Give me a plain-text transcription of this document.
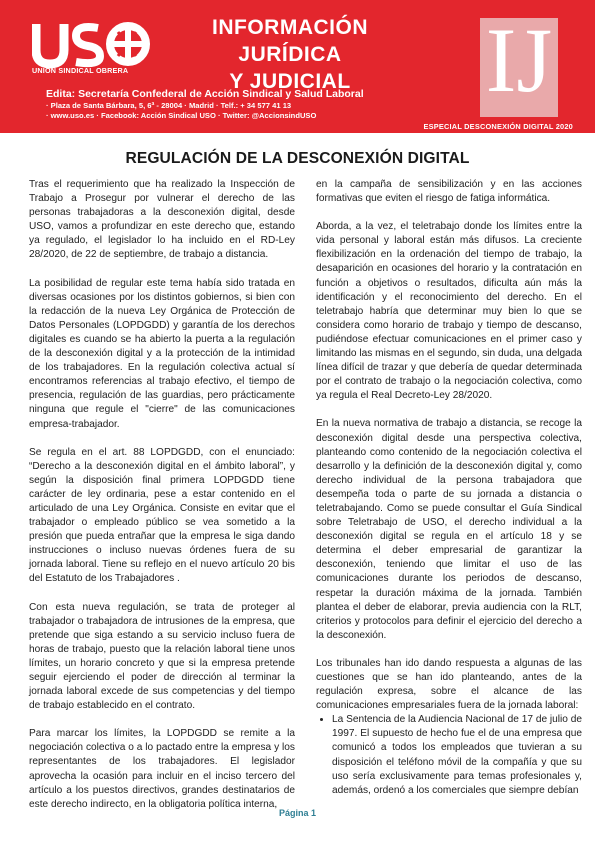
UNIÓN SINDICAL OBRERA
INFORMACIÓN JURÍDICA
Y JUDICIAL
Edita: Secretaría Confederal de Acción Sindical y Salud Laboral
· Plaza de Santa Bárbara, 5, 6ª - 28004 · Madrid · Telf.: + 34 577 41 13
· www.uso.es · Facebook: Acción Sindical USO · Twitter: @AccionsindUSO
IJ
ESPECIAL DESCONEXIÓN DIGITAL 2020
REGULACIÓN DE LA DESCONEXIÓN DIGITAL

Tras el requerimiento que ha realizado la Inspección de Trabajo a Prosegur por vulnerar el derecho de las personas trabajadoras a la desconexión digital, desde USO, vamos a profundizar en este derecho que, estando ya regulado, el legislador lo ha incluido en el RD-Ley 28/2020, de 22 de septiembre, de trabajo a distancia.

La posibilidad de regular este tema había sido tratada en diversas ocasiones por los distintos gobiernos, si bien con la redacción de la nueva Ley Orgánica de Protección de Datos Personales (LOPDGDD) y garantía de los derechos digitales es cuando se ha abierto la puerta a la regulación de la desconexión digital y a la protección de la intimidad de los trabajadores. En la regulación colectiva actual sí encontramos referencias al trabajo efectivo, el tiempo de presencia, regulación de las guardias, pero prácticamente ninguna que regule el "cierre" de las comunicaciones empresa-trabajador.

Se regula en el art. 88 LOPDGDD, con el enunciado: “Derecho a la desconexión digital en el ámbito laboral”, y según la disposición final primera LOPDGDD tiene carácter de ley ordinaria, pese a estar contenido en el articulado de una Ley Orgánica. Consiste en evitar que el trabajador o empleado público se vea sometido a la presión que pueda entrañar que la empresa le siga dando instrucciones o incluso nuevas órdenes fuera de su jornada laboral. Tiene su reflejo en el nuevo artículo 20 bis del Estatuto de los Trabajadores .

Con esta nueva regulación, se trata de proteger al trabajador o trabajadora de intrusiones de la empresa, que pretende que siga estando a su servicio incluso fuera de horas de trabajo, puesto que la relación laboral tiene unos límites, un horario concreto y que si la empresa pretende seguir ejerciendo el poder de dirección al terminar la jornada laboral excede de sus competencias y del tiempo de trabajo establecido en el contrato.

Para marcar los límites, la LOPDGDD se remite a la negociación colectiva o a lo pactado entre la empresa y los representantes de los trabajadores. El legislador aprovecha la ocasión para incluir en el inciso tercero del artículo a los puestos directivos, grandes destinatarios de este derecho indirecto, en la obligatoria política interna,

en la campaña de sensibilización y en las acciones formativas que eviten el riesgo de fatiga informática.

Aborda, a la vez, el teletrabajo donde los límites entre la vida personal y laboral están más difusos. La creciente flexibilización en la ordenación del tiempo de trabajo, la desaparición en ocasiones del horario y la contratación en función a objetivos o resultados, dificulta aún más la identificación y el reconocimiento del derecho. En el teletrabajo habría que determinar muy bien lo que se considera como horario de trabajo y tiempo de descanso, pudiéndose efectuar comunicaciones en el primer caso y limitando las mismas en el segundo, sin duda, una delgada línea difícil de trazar y que debería de quedar determinada por el contrato de trabajo o la negociación colectiva, como ya regula el Real Decreto-Ley 28/2020.

En la nueva normativa de trabajo a distancia, se recoge la desconexión digital desde una perspectiva colectiva, planteando como contenido de la negociación colectiva el desarrollo y la definición de la desconexión digital y, como derecho individual de la persona trabajadora que desempeña toda o parte de su jornada a distancia o teletrabajando. Como se puede consultar el Guía Sindical sobre Teletrabajo de USO, el derecho individual a la desconexión digital se regula en el artículo 18 y se determina el deber empresarial de garantizar la desconexión, teniendo que limitar el uso de las comunicaciones durante los periodos de descanso, respetar la duración máxima de la jornada. También plantea el deber de elaborar, previa audiencia con la RLT, criterios y protocolos para definir el ejercicio del derecho a la desconexión.

Los tribunales han ido dando respuesta a algunas de las cuestiones que se han ido planteando, antes de la regulación expresa, sobre el alcance de las comunicaciones empresariales fuera de la jornada laboral:

• La Sentencia de la Audiencia Nacional de 17 de julio de 1997. El supuesto de hecho fue el de una empresa que comunicó a todos los empleados que tuvieran a su disposición el teléfono móvil de la compañía y que su uso sería exclusivamente para temas profesionales y, además, ordenó a los comerciales que siempre debían
Página 1
